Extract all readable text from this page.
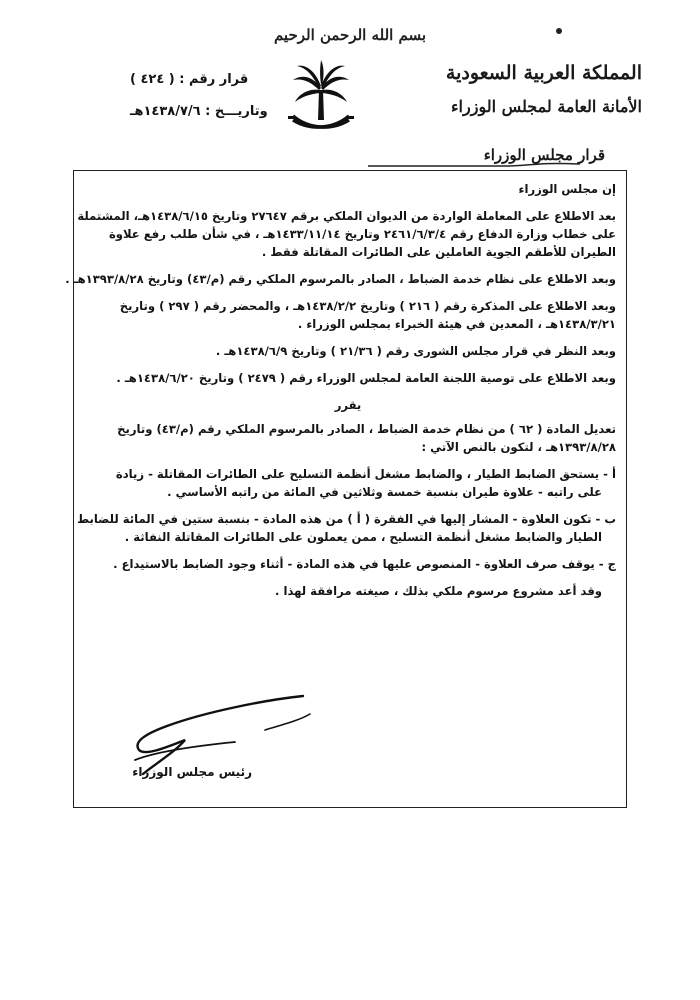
بسم الله الرحمن الرحيم
المملكة العربية السعودية
الأمانة العامة لمجلس الوزراء
قرار مجلس الوزراء
قرار رقم : ( ٤٢٤ )
وتاريـــخ : ١٤٣٨/٧/٦هـ
إن مجلس الوزراء
بعد الاطلاع على المعاملة الواردة من الديوان الملكي برقم ٢٧٦٤٧ وتاريخ ١٤٣٨/٦/١٥هـ، المشتملة
على خطاب وزارة الدفاع رقم ٢٤٦١/٦/٣/٤ وتاريخ ١٤٣٣/١١/١٤هـ ، في شأن طلب رفع علاوة
الطيران للأطقم الجوية العاملين على الطائرات المقاتلة فقط .
وبعد الاطلاع على نظام خدمة الضباط ، الصادر بالمرسوم الملكي رقم (م/٤٣) وتاريخ ١٣٩٣/٨/٢٨هـ .
وبعد الاطلاع على المذكرة رقم ( ٢١٦ ) وتاريخ ١٤٣٨/٢/٢هـ ، والمحضر رقم ( ٢٩٧ ) وتاريخ
١٤٣٨/٣/٢١هـ ، المعدين في هيئة الخبراء بمجلس الوزراء .
وبعد النظر في قرار مجلس الشورى رقم ( ٢١/٣٦ ) وتاريخ ١٤٣٨/٦/٩هـ .
وبعد الاطلاع على توصية اللجنة العامة لمجلس الوزراء رقم ( ٢٤٧٩ ) وتاريخ ١٤٣٨/٦/٢٠هـ .
يقرر
تعديل المادة ( ٦٢ ) من نظام خدمة الضباط ، الصادر بالمرسوم الملكي رقم (م/٤٣) وتاريخ
١٣٩٣/٨/٢٨هـ ، لتكون بالنص الآتي :
أ - يستحق الضابط الطيار ، والضابط مشغل أنظمة التسليح على الطائرات المقاتلة - زيادة
على راتبه - علاوة طيران بنسبة خمسة وثلاثين في المائة من راتبه الأساسي .
ب - تكون العلاوة - المشار إليها في الفقرة ( أ ) من هذه المادة - بنسبة ستين في المائة للضابط
الطيار والضابط مشغل أنظمة التسليح ، ممن يعملون على الطائرات المقاتلة النفاثة .
ج - يوقف صرف العلاوة - المنصوص عليها في هذه المادة - أثناء وجود الضابط بالاستيداع .
وقد أعد مشروع مرسوم ملكي بذلك ، صيغته مرافقة لهذا .
رئيس مجلس الوزراء
